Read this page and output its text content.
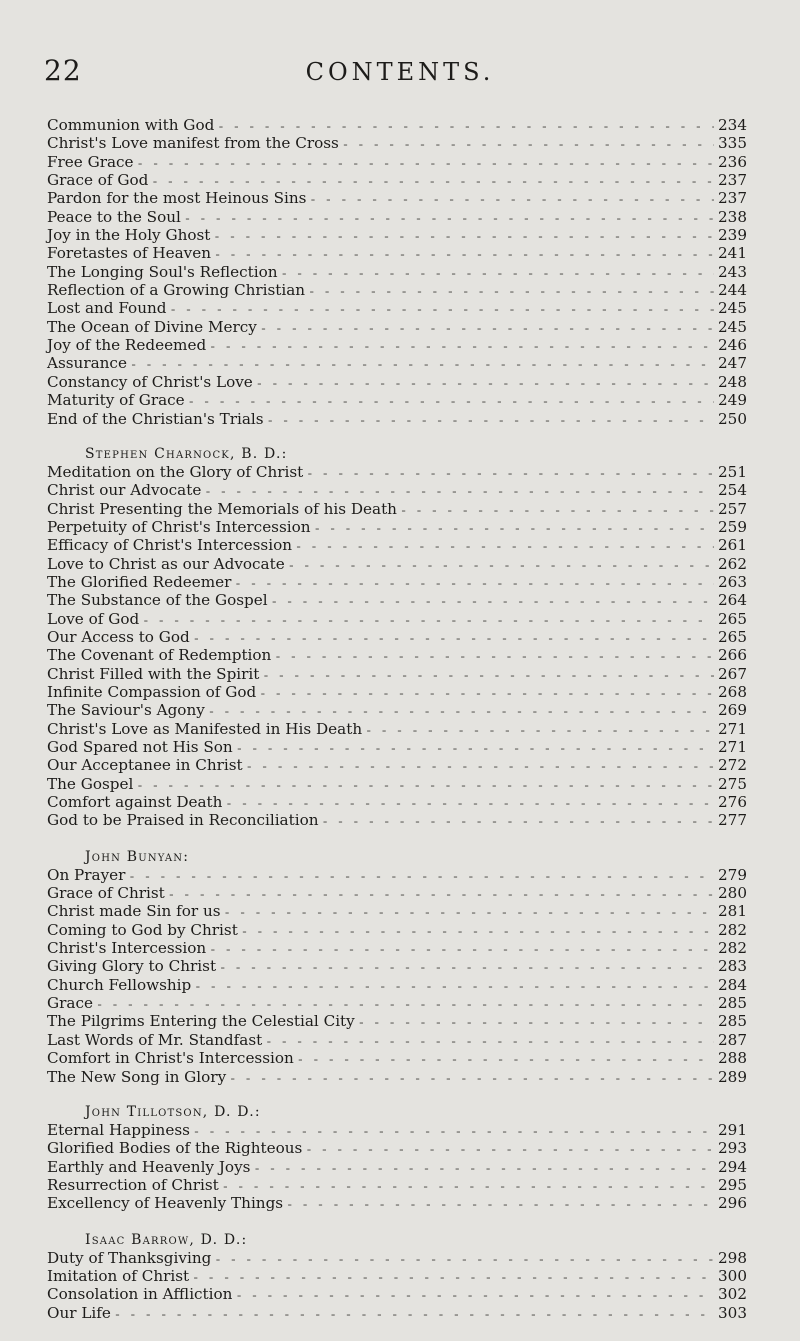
22	CONTENTS.
Communion with God - - -	234
Christ's Love manifest from the Cross - - -	335
Free Grace - - -	236
Grace of God - - -	237
Pardon for the most Heinous Sins - - -	237
Peace to the Soul - - -	238
Joy in the Holy Ghost - - -	239
Foretastes of Heaven - - -	241
The Longing Soul's Reflection - - -	243
Reflection of a Growing Christian - - -	244
Lost and Found - - -	245
The Ocean of Divine Mercy - - -	245
Joy of the Redeemed - - -	246
Assurance - - -	247
Constancy of Christ's Love - - -	248
Maturity of Grace - - -	249
End of the Christian's Trials - - -	250
Stephen Charnock, B. D.:
Meditation on the Glory of Christ - - -	251
Christ our Advocate - - -	254
Christ Presenting the Memorials of his Death - - -	257
Perpetuity of Christ's Intercession - - -	259
Efficacy of Christ's Intercession - - -	261
Love to Christ as our Advocate - - -	262
The Glorified Redeemer - - -	263
The Substance of the Gospel - - -	264
Love of God - - -	265
Our Access to God - - -	265
The Covenant of Redemption - - -	266
Christ Filled with the Spirit - - -	267
Infinite Compassion of God - - -	268
The Saviour's Agony - - -	269
Christ's Love as Manifested in His Death - - -	271
God Spared not His Son - - -	271
Our Acceptanee in Christ - - -	272
The Gospel - - -	275
Comfort against Death - - -	276
God to be Praised in Reconciliation - - -	277
John Bunyan:
On Prayer - - -	279
Grace of Christ - - -	280
Christ made Sin for us - - -	281
Coming to God by Christ - - -	282
Christ's Intercession - - -	282
Giving Glory to Christ - - -	283
Church Fellowship - - -	284
Grace - - -	285
The Pilgrims Entering the Celestial City - - -	285
Last Words of Mr. Standfast - - -	287
Comfort in Christ's Intercession - - -	288
The New Song in Glory - - -	289
John Tillotson, D. D.:
Eternal Happiness - - -	291
Glorified Bodies of the Righteous - - -	293
Earthly and Heavenly Joys - - -	294
Resurrection of Christ - - -	295
Excellency of Heavenly Things - - -	296
Isaac Barrow, D. D.:
Duty of Thanksgiving - - -	298
Imitation of Christ - - -	300
Consolation in Affliction - - -	302
Our Life - - -	303
